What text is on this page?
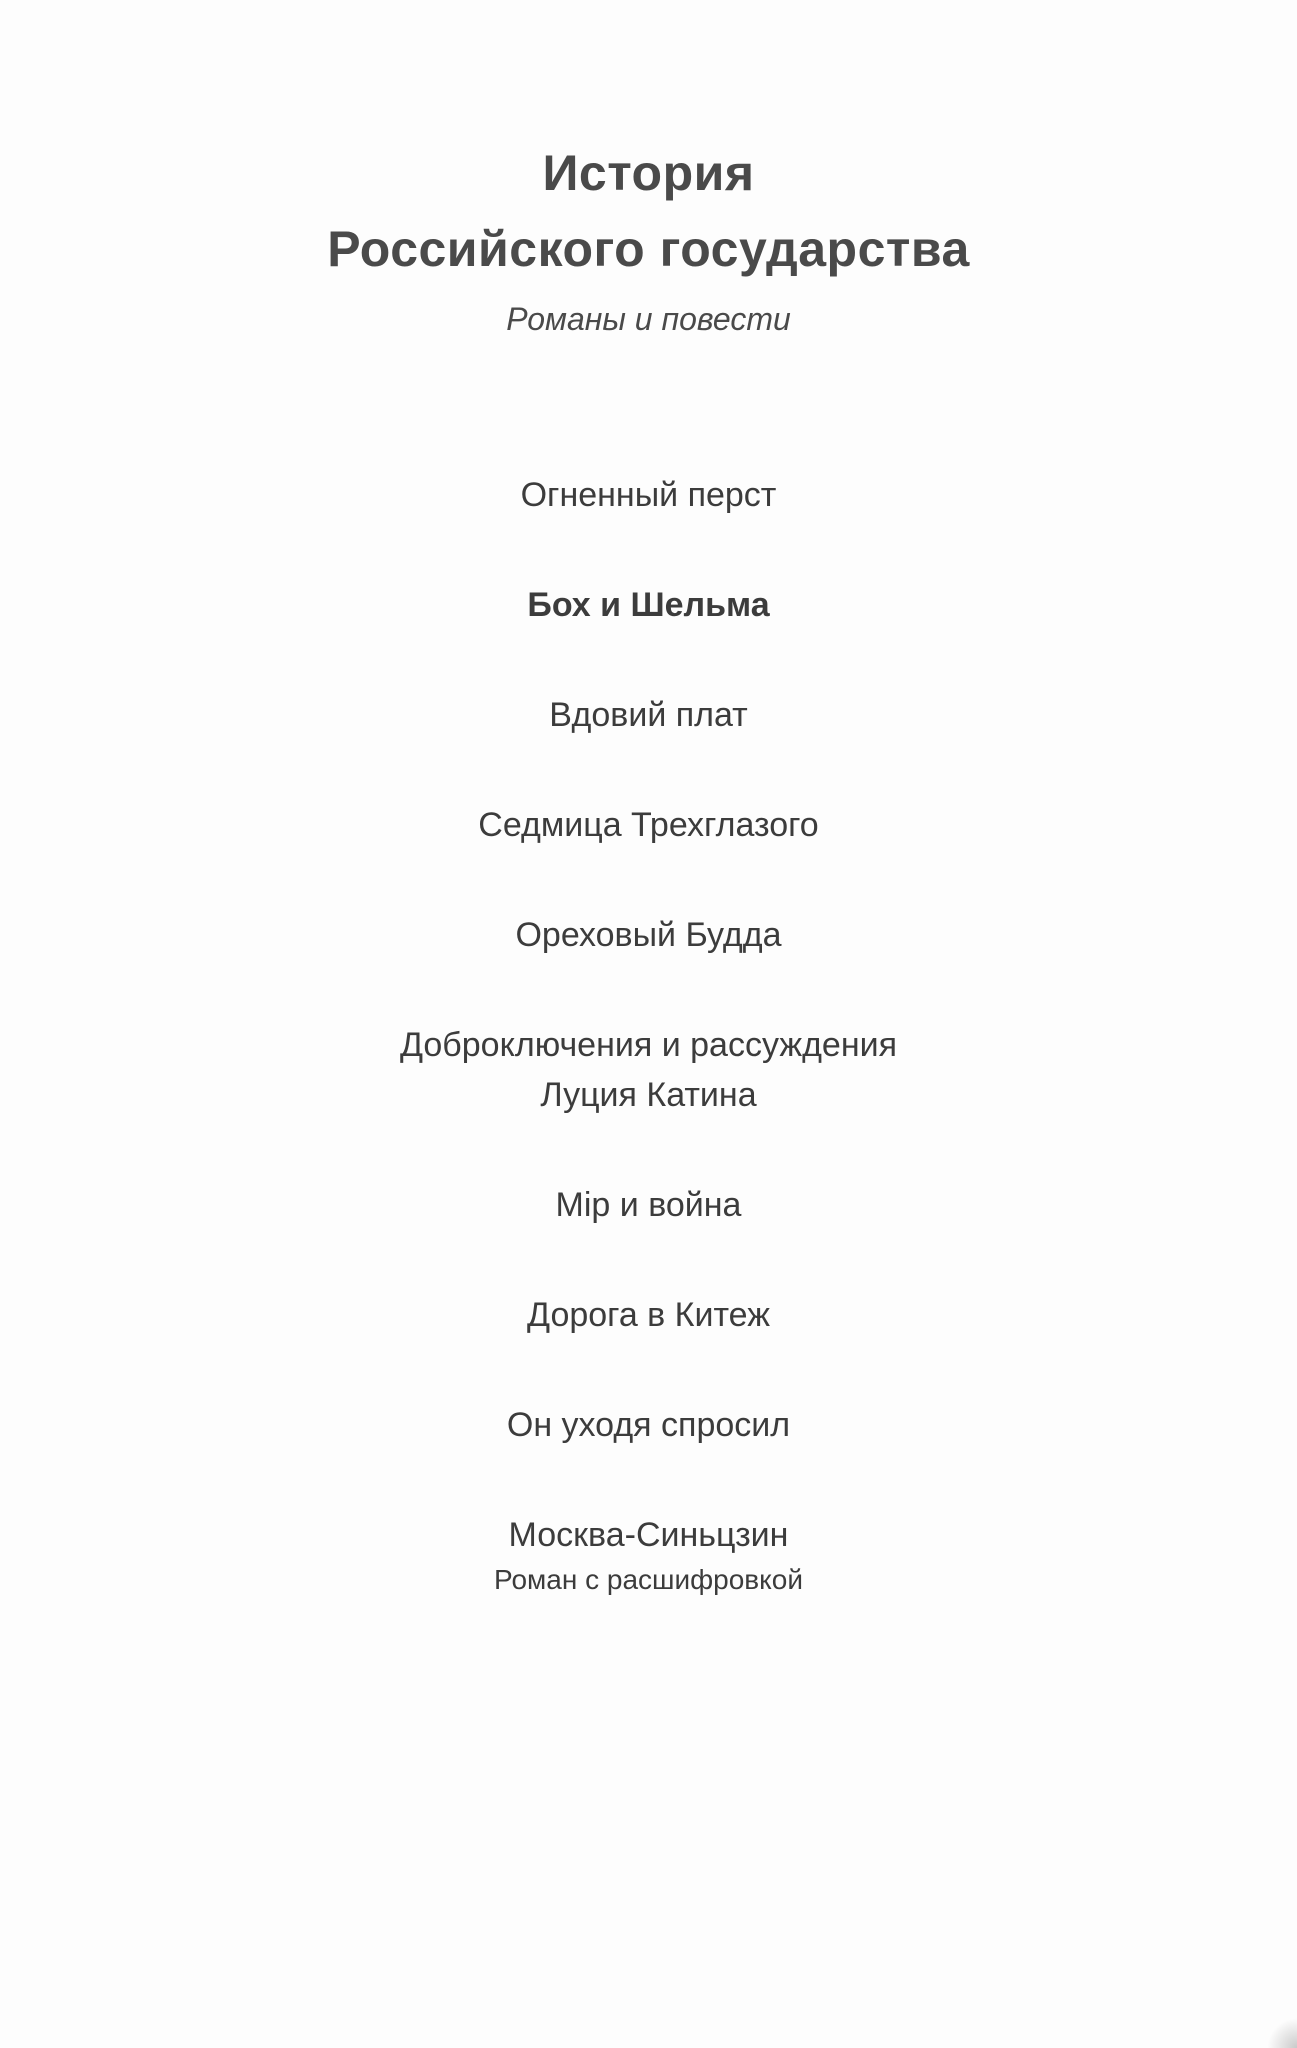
История
Российского государства
Романы и повести
Огненный перст
Бох и Шельма
Вдовий плат
Седмица Трехглазого
Ореховый Будда
Доброключения и рассуждения
Луция Катина
Mip и война
Дорога в Китеж
Он уходя спросил
Москва-Синьцзин
Роман с расшифровкой
